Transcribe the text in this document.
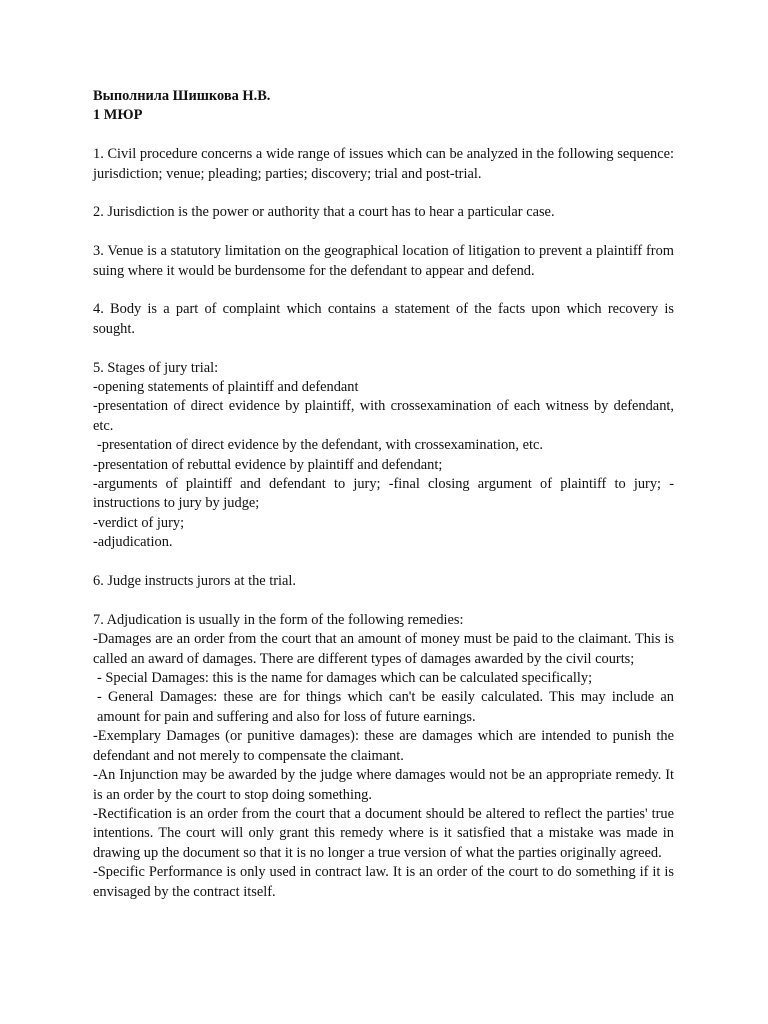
Выполнила Шишкова Н.В.

1 МЮР

1. Civil procedure concerns a wide range of issues which can be analyzed in the following sequence: jurisdiction; venue; pleading; parties; discovery; trial and post-trial.

2. Jurisdiction is the power or authority that a court has to hear a particular case.

3. Venue is a statutory limitation on the geographical location of litigation to prevent a plaintiff from suing where it would be burdensome for the defendant to appear and defend.

4. Body is a part of complaint which contains a statement of the facts upon which recovery is sought.

5. Stages of jury trial:

-opening statements of plaintiff and defendant

-presentation of direct evidence by plaintiff, with crossexamination of each witness by defendant, etc.

-presentation of direct evidence by the defendant, with crossexamination, etc.

-presentation of rebuttal evidence by plaintiff and defendant;

-arguments of plaintiff and defendant to jury; -final closing argument of plaintiff to jury; -instructions to jury by judge;

-verdict of jury;

-adjudication.

6. Judge instructs jurors at the trial.

7. Adjudication is usually in the form of the following remedies:

-Damages are an order from the court that an amount of money must be paid to the claimant. This is called an award of damages. There are different types of damages awarded by the civil courts;

- Special Damages: this is the name for damages which can be calculated specifically;

- General Damages: these are for things which can't be easily calculated. This may include an amount for pain and suffering and also for loss of future earnings.

-Exemplary Damages (or punitive damages): these are damages which are intended to punish the defendant and not merely to compensate the claimant.

-An Injunction may be awarded by the judge where damages would not be an appropriate remedy. It is an order by the court to stop doing something.

-Rectification is an order from the court that a document should be altered to reflect the parties' true intentions. The court will only grant this remedy where is it satisfied that a mistake was made in drawing up the document so that it is no longer a true version of what the parties originally agreed.

-Specific Performance is only used in contract law. It is an order of the court to do something if it is envisaged by the contract itself.
